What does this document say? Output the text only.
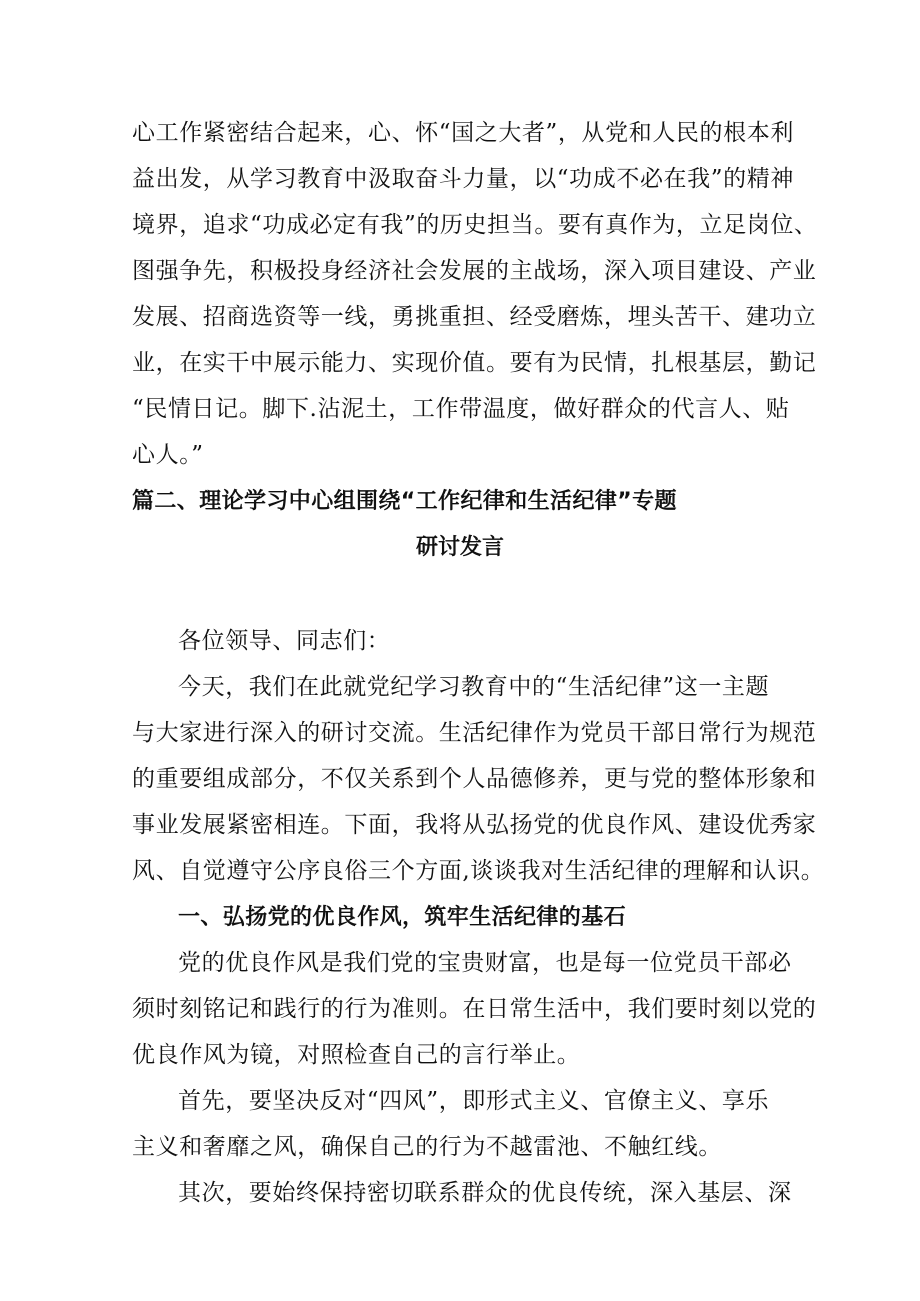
心工作紧密结合起来，心、怀“国之大者”，从党和人民的根本利
益出发，从学习教育中汲取奋斗力量，以“功成不必在我”的精神
境界，追求“功成必定有我”的历史担当。要有真作为，立足岗位、
图强争先，积极投身经济社会发展的主战场，深入项目建设、产业
发展、招商选资等一线，勇挑重担、经受磨炼，埋头苦干、建功立
业，在实干中展示能力、实现价值。要有为民情，扎根基层，勤记
“民情日记。脚下.沾泥土，工作带温度，做好群众的代言人、贴
心人。”
篇二、理论学习中心组围绕“工作纪律和生活纪律”专题
研讨发言
各位领导、同志们：
今天，我们在此就党纪学习教育中的“生活纪律”这一主题
与大家进行深入的研讨交流。生活纪律作为党员干部日常行为规范
的重要组成部分，不仅关系到个人品德修养，更与党的整体形象和
事业发展紧密相连。下面，我将从弘扬党的优良作风、建设优秀家
风、自觉遵守公序良俗三个方面,谈谈我对生活纪律的理解和认识。
一、弘扬党的优良作风，筑牢生活纪律的基石
党的优良作风是我们党的宝贵财富，也是每一位党员干部必
须时刻铭记和践行的行为准则。在日常生活中，我们要时刻以党的
优良作风为镜，对照检查自己的言行举止。
首先，要坚决反对“四风”，即形式主义、官僚主义、享乐
主义和奢靡之风，确保自己的行为不越雷池、不触红线。
其次，要始终保持密切联系群众的优良传统，深入基层、深
